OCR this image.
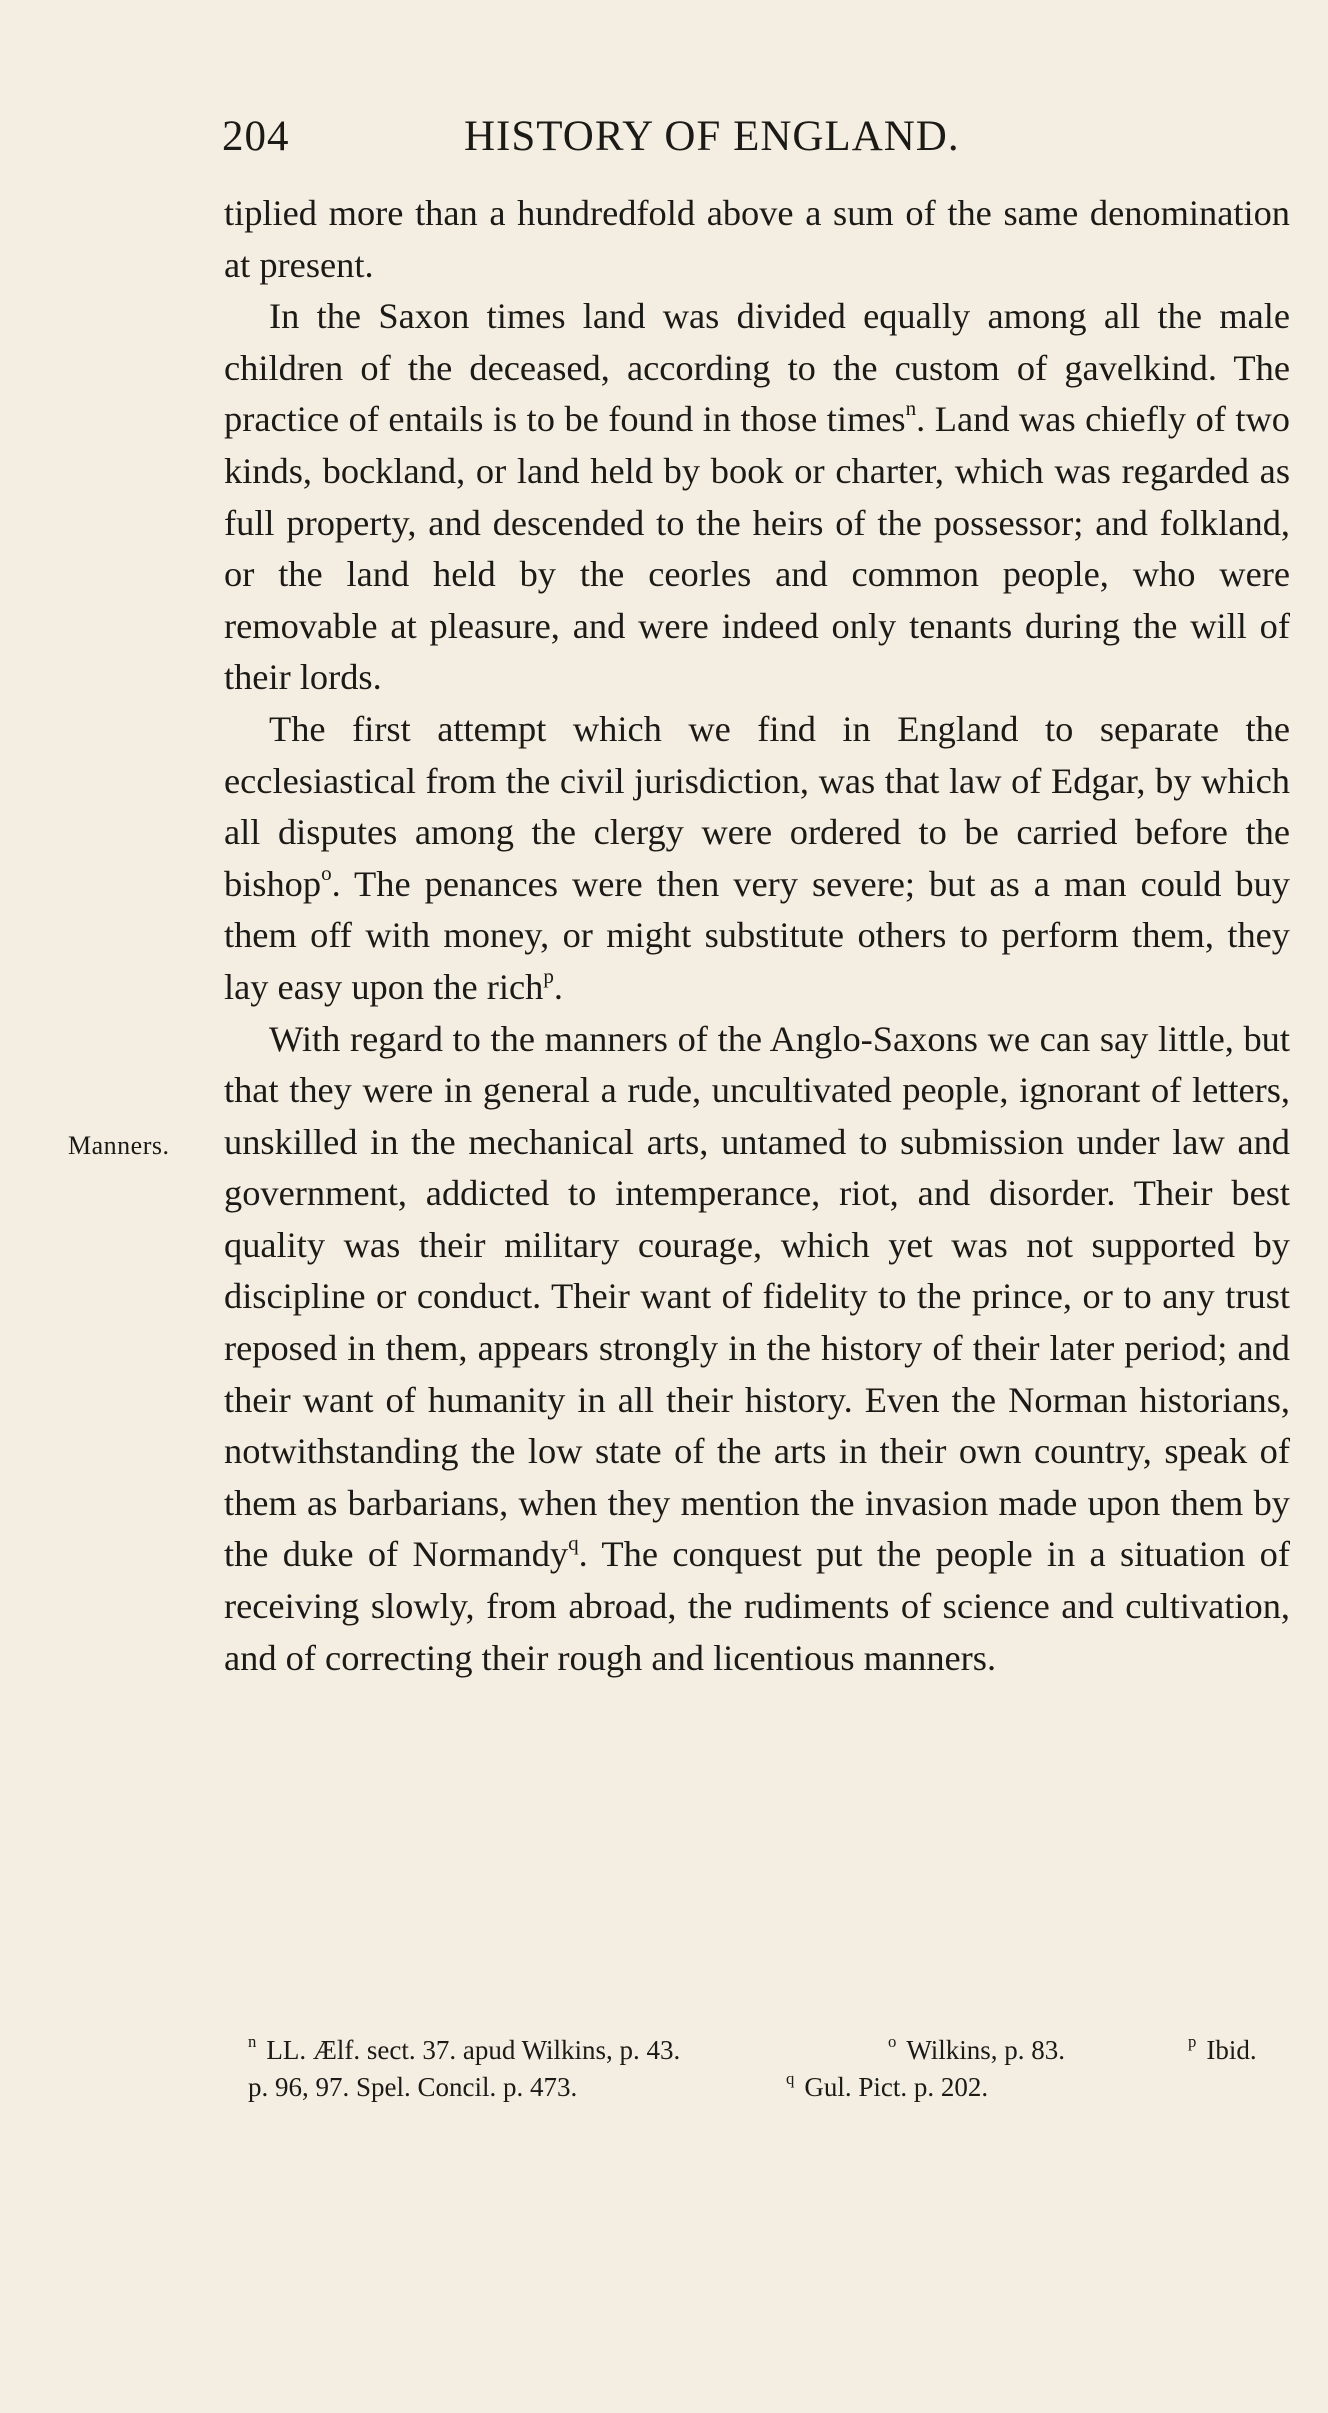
204	HISTORY OF ENGLAND.
Manners.

tiplied more than a hundredfold above a sum of the same denomination at present.

In the Saxon times land was divided equally among all the male children of the deceased, according to the custom of gavelkind. The practice of entails is to be found in those times$^n$. Land was chiefly of two kinds, bockland, or land held by book or charter, which was regarded as full property, and descended to the heirs of the possessor; and folkland, or the land held by the ceorles and common people, who were removable at pleasure, and were indeed only tenants during the will of their lords.

The first attempt which we find in England to separate the ecclesiastical from the civil jurisdiction, was that law of Edgar, by which all disputes among the clergy were ordered to be carried before the bishop$^o$. The penances were then very severe; but as a man could buy them off with money, or might substitute others to perform them, they lay easy upon the rich$^p$.

With regard to the manners of the Anglo-Saxons we can say little, but that they were in general a rude, uncultivated people, ignorant of letters, unskilled in the mechanical arts, untamed to submission under law and government, addicted to intemperance, riot, and disorder. Their best quality was their military courage, which yet was not supported by discipline or conduct. Their want of fidelity to the prince, or to any trust reposed in them, appears strongly in the history of their later period; and their want of humanity in all their history. Even the Norman historians, notwithstanding the low state of the arts in their own country, speak of them as barbarians, when they mention the invasion made upon them by the duke of Normandy$^q$. The conquest put the people in a situation of receiving slowly, from abroad, the rudiments of science and cultivation, and of correcting their rough and licentious manners.

$^n$ LL. Ælf. sect. 37. apud Wilkins, p. 43.	$^o$ Wilkins, p. 83.	$^p$ Ibid.
p. 96, 97. Spel. Concil. p. 473.	$^q$ Gul. Pict. p. 202.
